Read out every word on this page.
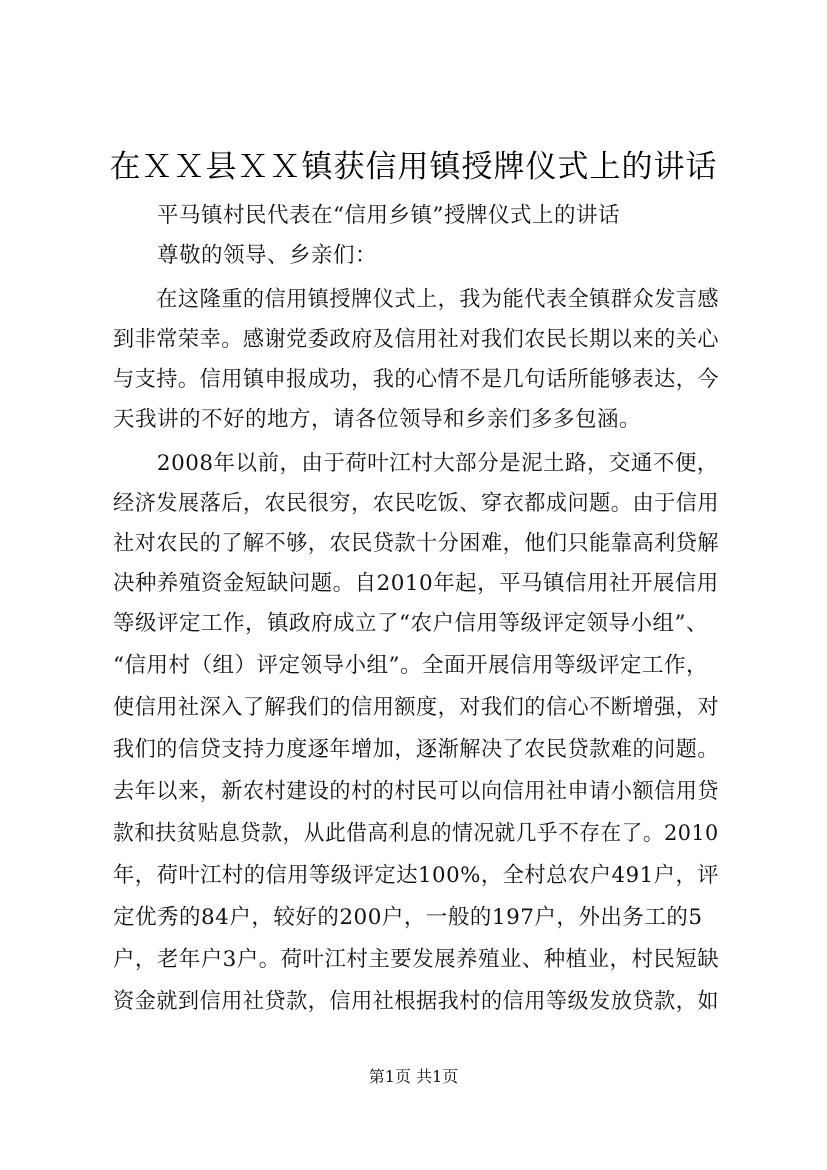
在ＸＸ县ＸＸ镇获信用镇授牌仪式上的讲话
　　平马镇村民代表在“信用乡镇”授牌仪式上的讲话
　　尊敬的领导、乡亲们：
　　在这隆重的信用镇授牌仪式上，我为能代表全镇群众发言感
到非常荣幸。感谢党委政府及信用社对我们农民长期以来的关心
与支持。信用镇申报成功，我的心情不是几句话所能够表达，今
天我讲的不好的地方，请各位领导和乡亲们多多包涵。
　　2008年以前，由于荷叶江村大部分是泥土路，交通不便，
经济发展落后，农民很穷，农民吃饭、穿衣都成问题。由于信用
社对农民的了解不够，农民贷款十分困难，他们只能靠高利贷解
决种养殖资金短缺问题。自2010年起，平马镇信用社开展信用
等级评定工作，镇政府成立了“农户信用等级评定领导小组”、
“信用村（组）评定领导小组”。全面开展信用等级评定工作，
使信用社深入了解我们的信用额度，对我们的信心不断增强，对
我们的信贷支持力度逐年增加，逐渐解决了农民贷款难的问题。
去年以来，新农村建设的村的村民可以向信用社申请小额信用贷
款和扶贫贴息贷款，从此借高利息的情况就几乎不存在了。2010
年，荷叶江村的信用等级评定达100%，全村总农户491户，评
定优秀的84户，较好的200户，一般的197户，外出务工的5
户，老年户3户。荷叶江村主要发展养殖业、种植业，村民短缺
资金就到信用社贷款，信用社根据我村的信用等级发放贷款，如
第1页 共1页
